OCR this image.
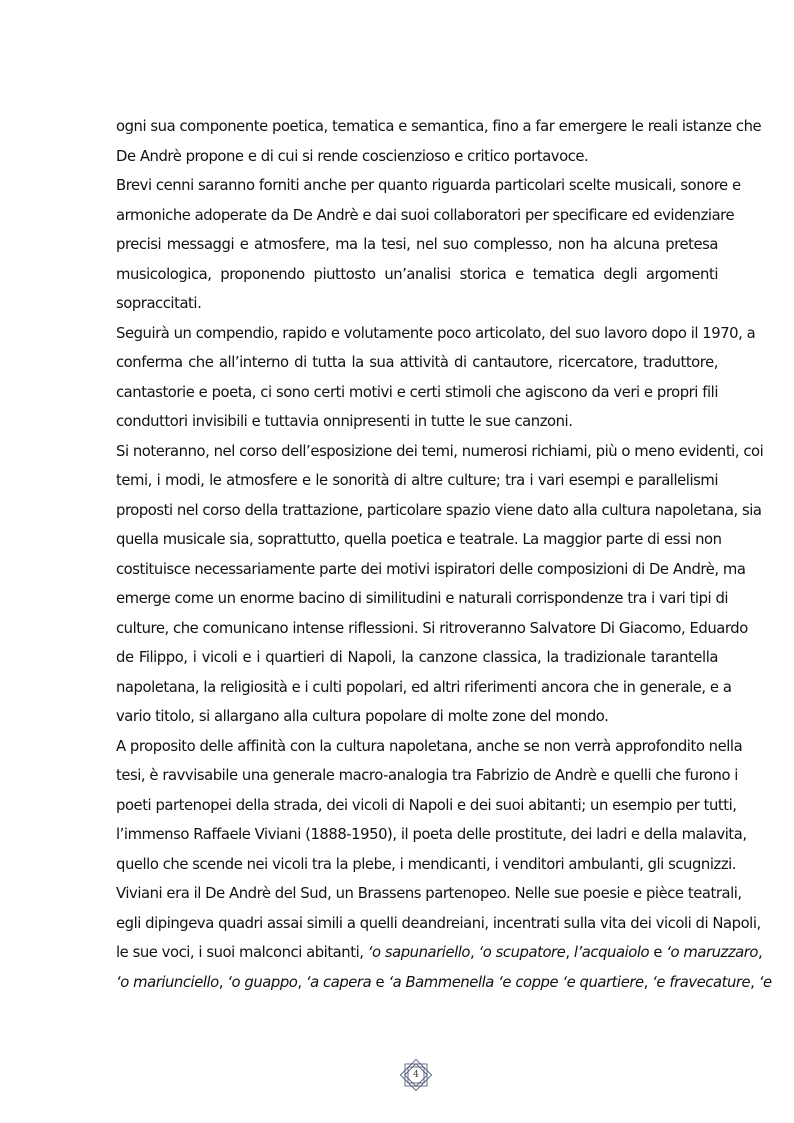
ogni sua componente poetica, tematica e semantica, fino a far emergere le reali istanze che
De Andrè propone e di cui si rende coscienzioso e critico portavoce.
Brevi cenni saranno forniti anche per quanto riguarda particolari scelte musicali, sonore e
armoniche adoperate da De Andrè e dai suoi collaboratori per specificare ed evidenziare
precisi messaggi e atmosfere, ma la tesi, nel suo complesso, non ha alcuna pretesa
musicologica, proponendo piuttosto un’analisi storica e tematica degli argomenti
sopraccitati.
Seguirà un compendio, rapido e volutamente poco articolato, del suo lavoro dopo il 1970, a
conferma che all’interno di tutta la sua attività di cantautore, ricercatore, traduttore,
cantastorie e poeta, ci sono certi motivi e certi stimoli che agiscono da veri e propri fili
conduttori invisibili e tuttavia onnipresenti in tutte le sue canzoni.
Si noteranno, nel corso dell’esposizione dei temi, numerosi richiami, più o meno evidenti, coi
temi, i modi, le atmosfere e le sonorità di altre culture; tra i vari esempi e parallelismi
proposti nel corso della trattazione, particolare spazio viene dato alla cultura napoletana, sia
quella musicale sia, soprattutto, quella poetica e teatrale. La maggior parte di essi non
costituisce necessariamente parte dei motivi ispiratori delle composizioni di De Andrè, ma
emerge come un enorme bacino di similitudini e naturali corrispondenze tra i vari tipi di
culture, che comunicano intense riflessioni. Si ritroveranno Salvatore Di Giacomo, Eduardo
de Filippo, i vicoli e i quartieri di Napoli, la canzone classica, la tradizionale tarantella
napoletana, la religiosità e i culti popolari, ed altri riferimenti ancora che in generale, e a
vario titolo, si allargano alla cultura popolare di molte zone del mondo.
A proposito delle affinità con la cultura napoletana, anche se non verrà approfondito nella
tesi, è ravvisabile una generale macro-analogia tra Fabrizio de Andrè e quelli che furono i
poeti partenopei della strada, dei vicoli di Napoli e dei suoi abitanti; un esempio per tutti,
l’immenso Raffaele Viviani (1888-1950), il poeta delle prostitute, dei ladri e della malavita,
quello che scende nei vicoli tra la plebe, i mendicanti, i venditori ambulanti, gli scugnizzi.
Viviani era il De Andrè del Sud, un Brassens partenopeo. Nelle sue poesie e pièce teatrali,
egli dipingeva quadri assai simili a quelli deandreiani, incentrati sulla vita dei vicoli di Napoli,
le sue voci, i suoi malconci abitanti, ‘o sapunariello, ‘o scupatore, l’acquaiolo e ‘o maruzzaro,
‘o mariunciello, ‘o guappo, ‘a capera e ‘a Bammenella ‘e coppe ‘e quartiere, ‘e fravecature, ‘e
4
